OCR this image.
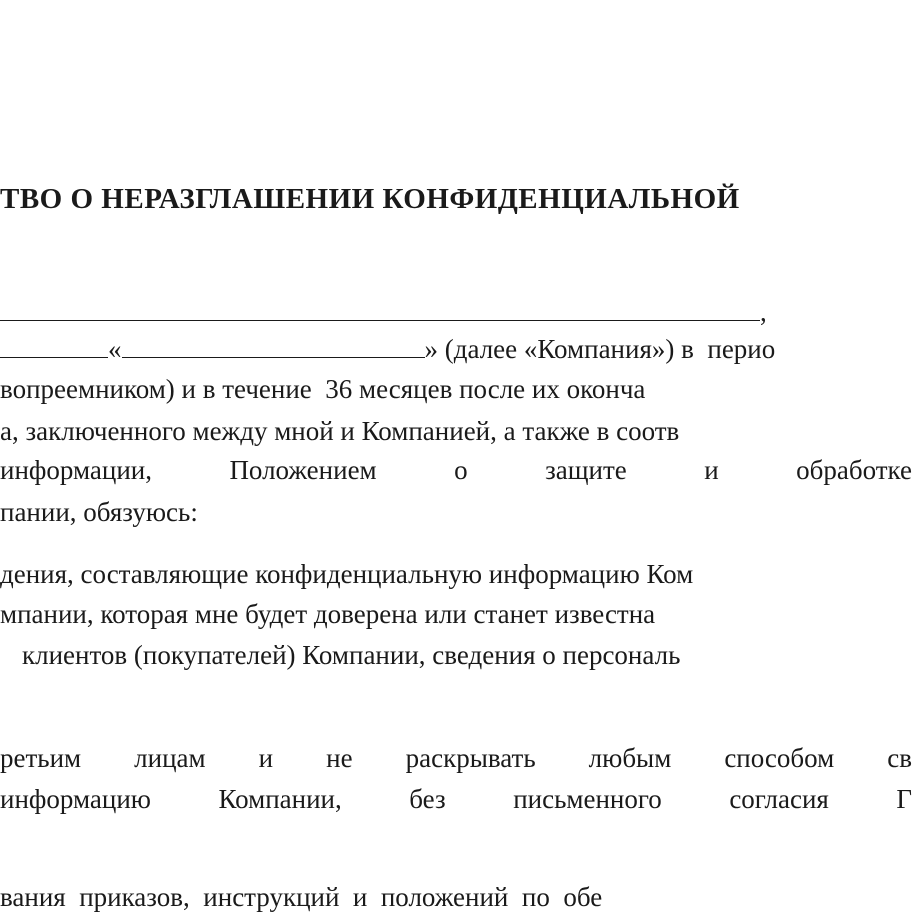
ТВО О НЕРАЗГЛАШЕНИИ КОНФИДЕНЦИАЛЬНОЙ
,
«	» (далее «Компания») в  перио
вопреемником) и в течение  36 месяцев после их оконча
а, заключенного между мной и Компанией, а также в соотв
информации,	Положением	о	защите	и	обработке
пании, обязуюсь:
дения, составляющие конфиденциальную информацию Ком
мпании, которая мне будет доверена или станет известна
клиентов (покупателей) Компании, сведения о персональ
ретьим лицам и не раскрывать любым способом св
информацию	Компании,	без	письменного	согласия	Г
вания  приказов,  инструкций  и  положений  по  обе
